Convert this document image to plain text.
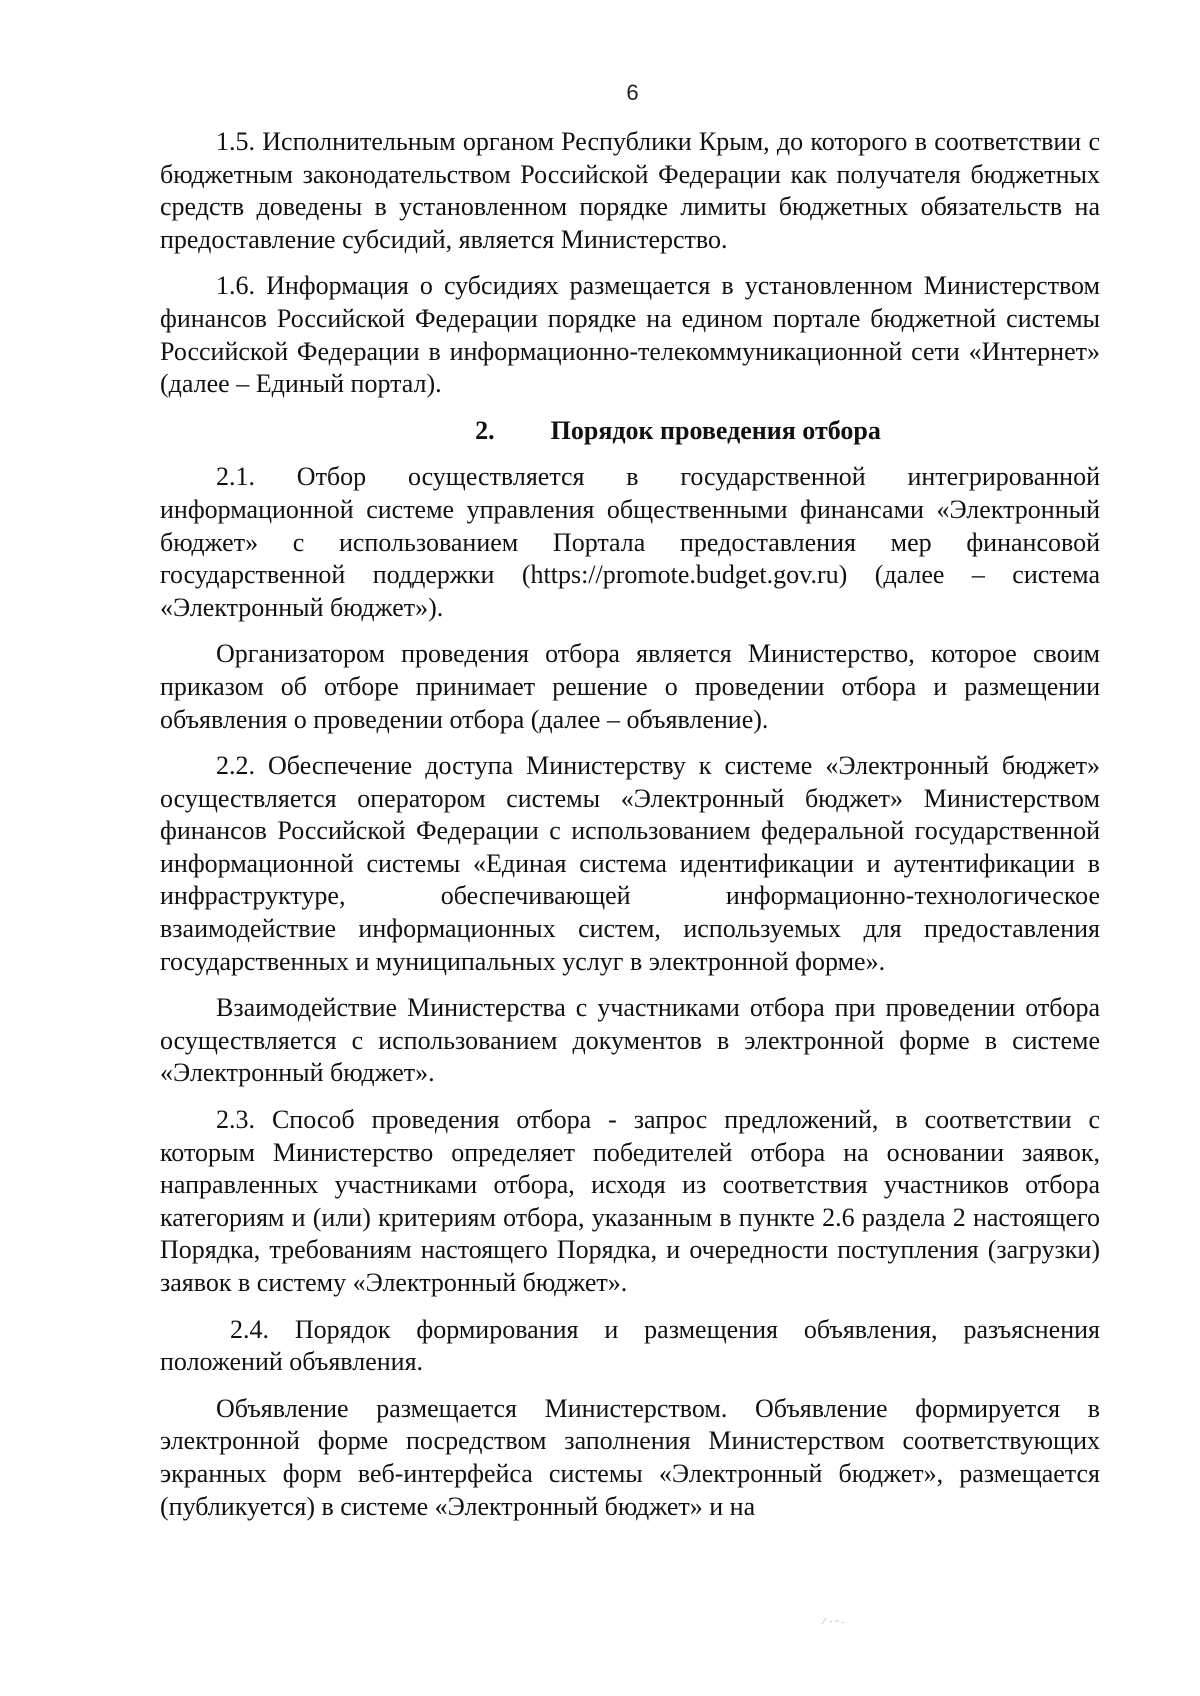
6

1.5. Исполнительным органом Республики Крым, до которого в соответствии с бюджетным законодательством Российской Федерации как получателя бюджетных средств доведены в установленном порядке лимиты бюджетных обязательств на предоставление субсидий, является Министерство.

1.6. Информация о субсидиях размещается в установленном Министерством финансов Российской Федерации порядке на едином портале бюджетной системы Российской Федерации в информационно-телекоммуникационной сети «Интернет» (далее – Единый портал).

2. Порядок проведения отбора

2.1. Отбор осуществляется в государственной интегрированной информационной системе управления общественными финансами «Электронный бюджет» с использованием Портала предоставления мер финансовой государственной поддержки (https://promote.budget.gov.ru) (далее – система «Электронный бюджет»).

Организатором проведения отбора является Министерство, которое своим приказом об отборе принимает решение о проведении отбора и размещении объявления о проведении отбора (далее – объявление).

2.2. Обеспечение доступа Министерству к системе «Электронный бюджет» осуществляется оператором системы «Электронный бюджет» Министерством финансов Российской Федерации с использованием федеральной государственной информационной системы «Единая система идентификации и аутентификации в инфраструктуре, обеспечивающей информационно-технологическое взаимодействие информационных систем, используемых для предоставления государственных и муниципальных услуг в электронной форме».

Взаимодействие Министерства с участниками отбора при проведении отбора осуществляется с использованием документов в электронной форме в системе «Электронный бюджет».

2.3. Способ проведения отбора - запрос предложений, в соответствии с которым Министерство определяет победителей отбора на основании заявок, направленных участниками отбора, исходя из соответствия участников отбора категориям и (или) критериям отбора, указанным в пункте 2.6 раздела 2 настоящего Порядка, требованиям настоящего Порядка, и очередности поступления (загрузки) заявок в систему «Электронный бюджет».

2.4. Порядок формирования и размещения объявления, разъяснения положений объявления.

Объявление размещается Министерством. Объявление формируется в электронной форме посредством заполнения Министерством соответствующих экранных форм веб-интерфейса системы «Электронный бюджет», размещается (публикуется) в системе «Электронный бюджет» и на
